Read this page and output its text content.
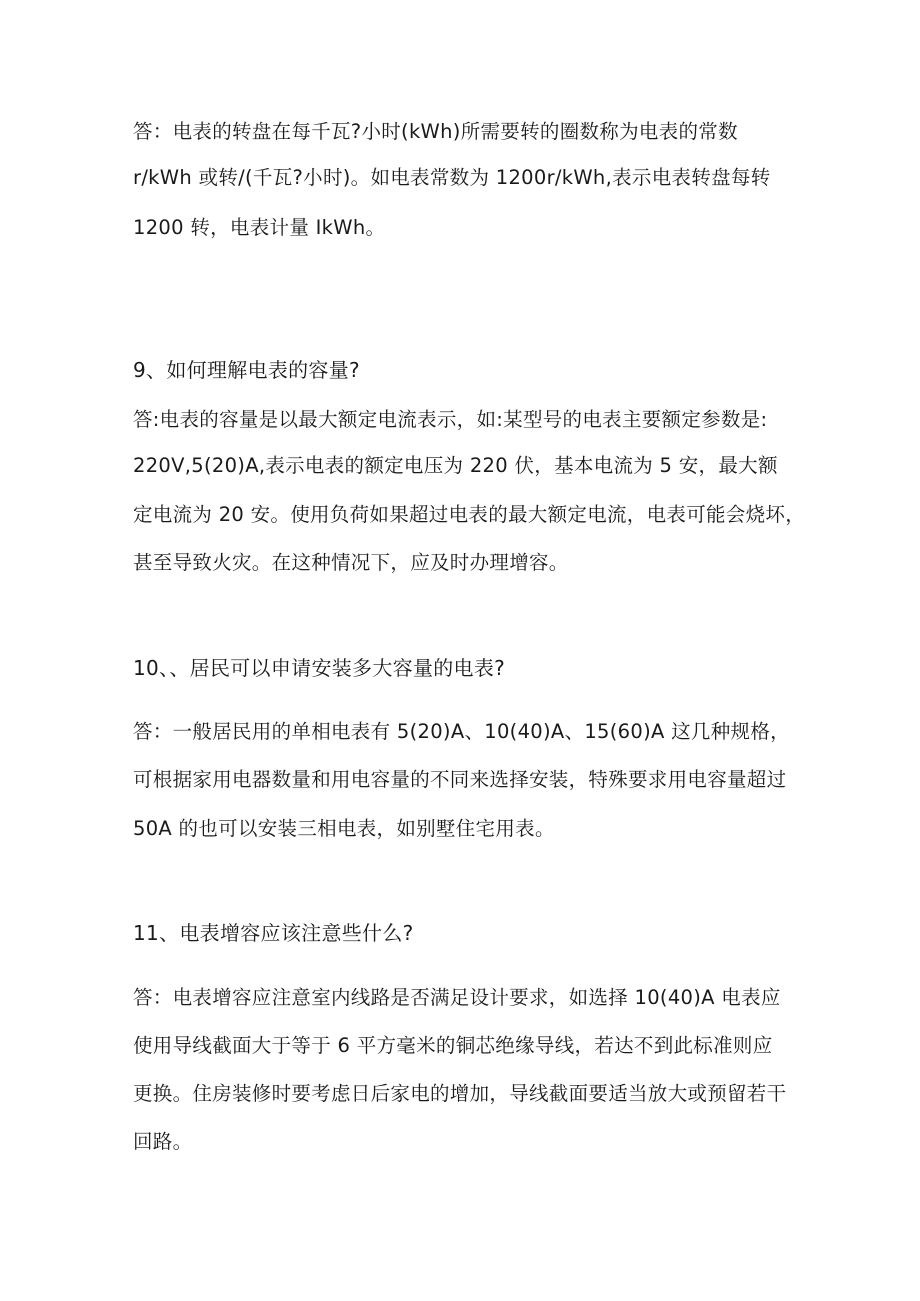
答：电表的转盘在每千瓦?小时(kWh)所需要转的圈数称为电表的常数
r/kWh 或转/(千瓦?小时)。如电表常数为 1200r/kWh,表示电表转盘每转
1200 转，电表计量 IkWh。
9、如何理解电表的容量?
答:电表的容量是以最大额定电流表示，如:某型号的电表主要额定参数是:
220V,5(20)A,表示电表的额定电压为 220 伏，基本电流为 5 安，最大额
定电流为 20 安。使用负荷如果超过电表的最大额定电流，电表可能会烧坏，
甚至导致火灾。在这种情况下，应及时办理增容。
10、、居民可以申请安装多大容量的电表?
答：一般居民用的单相电表有 5(20)A、10(40)A、15(60)A 这几种规格，
可根据家用电器数量和用电容量的不同来选择安装，特殊要求用电容量超过
50A 的也可以安装三相电表，如别墅住宅用表。
11、电表增容应该注意些什么?
答：电表增容应注意室内线路是否满足设计要求，如选择 10(40)A 电表应
使用导线截面大于等于 6 平方毫米的铜芯绝缘导线，若达不到此标准则应
更换。住房装修时要考虑日后家电的增加，导线截面要适当放大或预留若干
回路。
